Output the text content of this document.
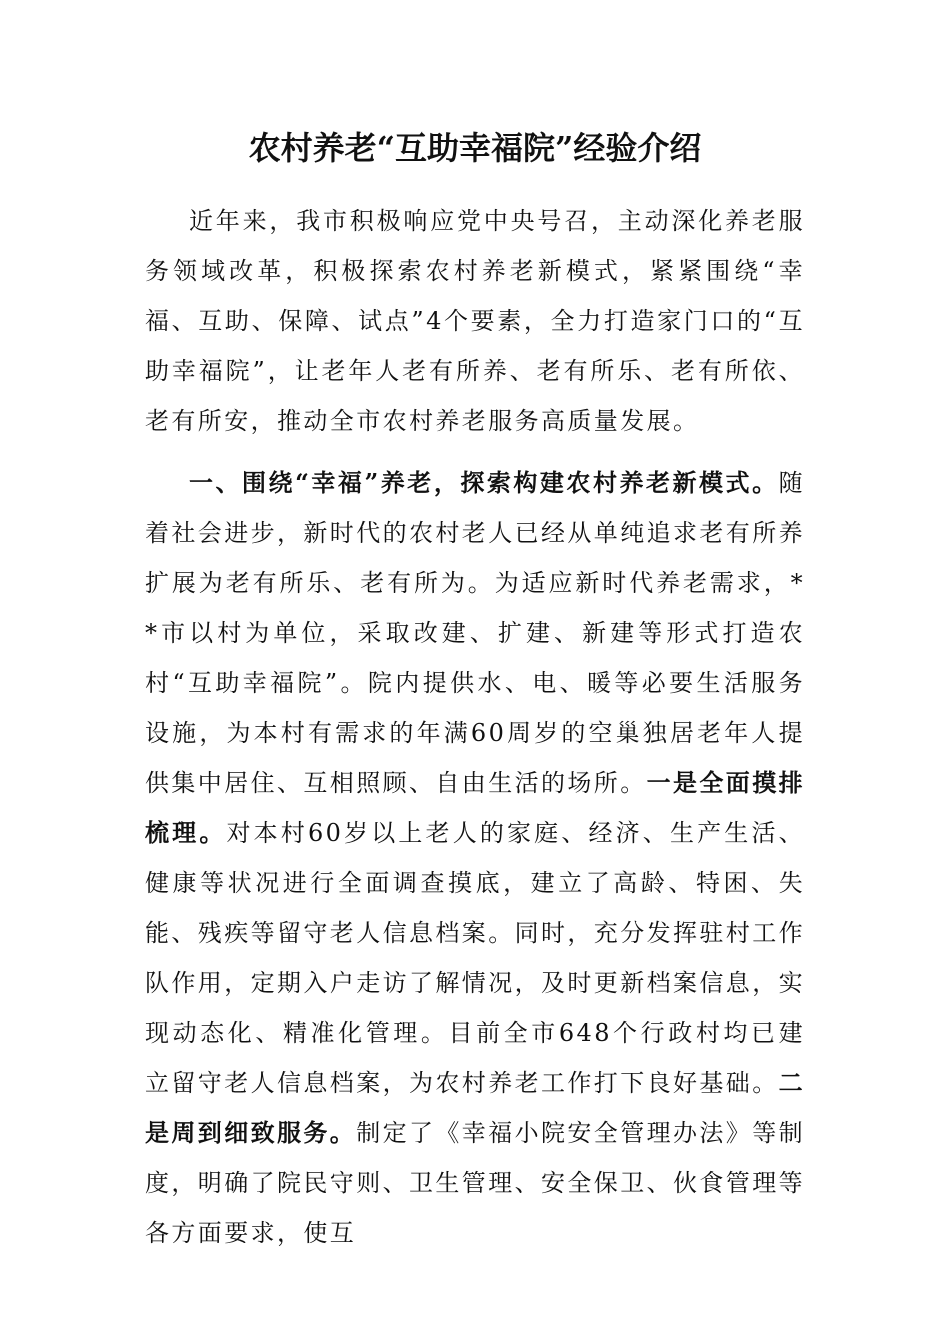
农村养老“互助幸福院”经验介绍

近年来，我市积极响应党中央号召，主动深化养老服务领域改革，积极探索农村养老新模式，紧紧围绕“幸福、互助、保障、试点”4个要素，全力打造家门口的“互助幸福院”，让老年人老有所养、老有所乐、老有所依、老有所安，推动全市农村养老服务高质量发展。

一、围绕“幸福”养老，探索构建农村养老新模式。随着社会进步，新时代的农村老人已经从单纯追求老有所养扩展为老有所乐、老有所为。为适应新时代养老需求，**市以村为单位，采取改建、扩建、新建等形式打造农村“互助幸福院”。院内提供水、电、暖等必要生活服务设施，为本村有需求的年满60周岁的空巢独居老年人提供集中居住、互相照顾、自由生活的场所。一是全面摸排梳理。对本村60岁以上老人的家庭、经济、生产生活、健康等状况进行全面调查摸底，建立了高龄、特困、失能、残疾等留守老人信息档案。同时，充分发挥驻村工作队作用，定期入户走访了解情况，及时更新档案信息，实现动态化、精准化管理。目前全市648个行政村均已建立留守老人信息档案，为农村养老工作打下良好基础。二是周到细致服务。制定了《幸福小院安全管理办法》等制度，明确了院民守则、卫生管理、安全保卫、伙食管理等各方面要求，使互
